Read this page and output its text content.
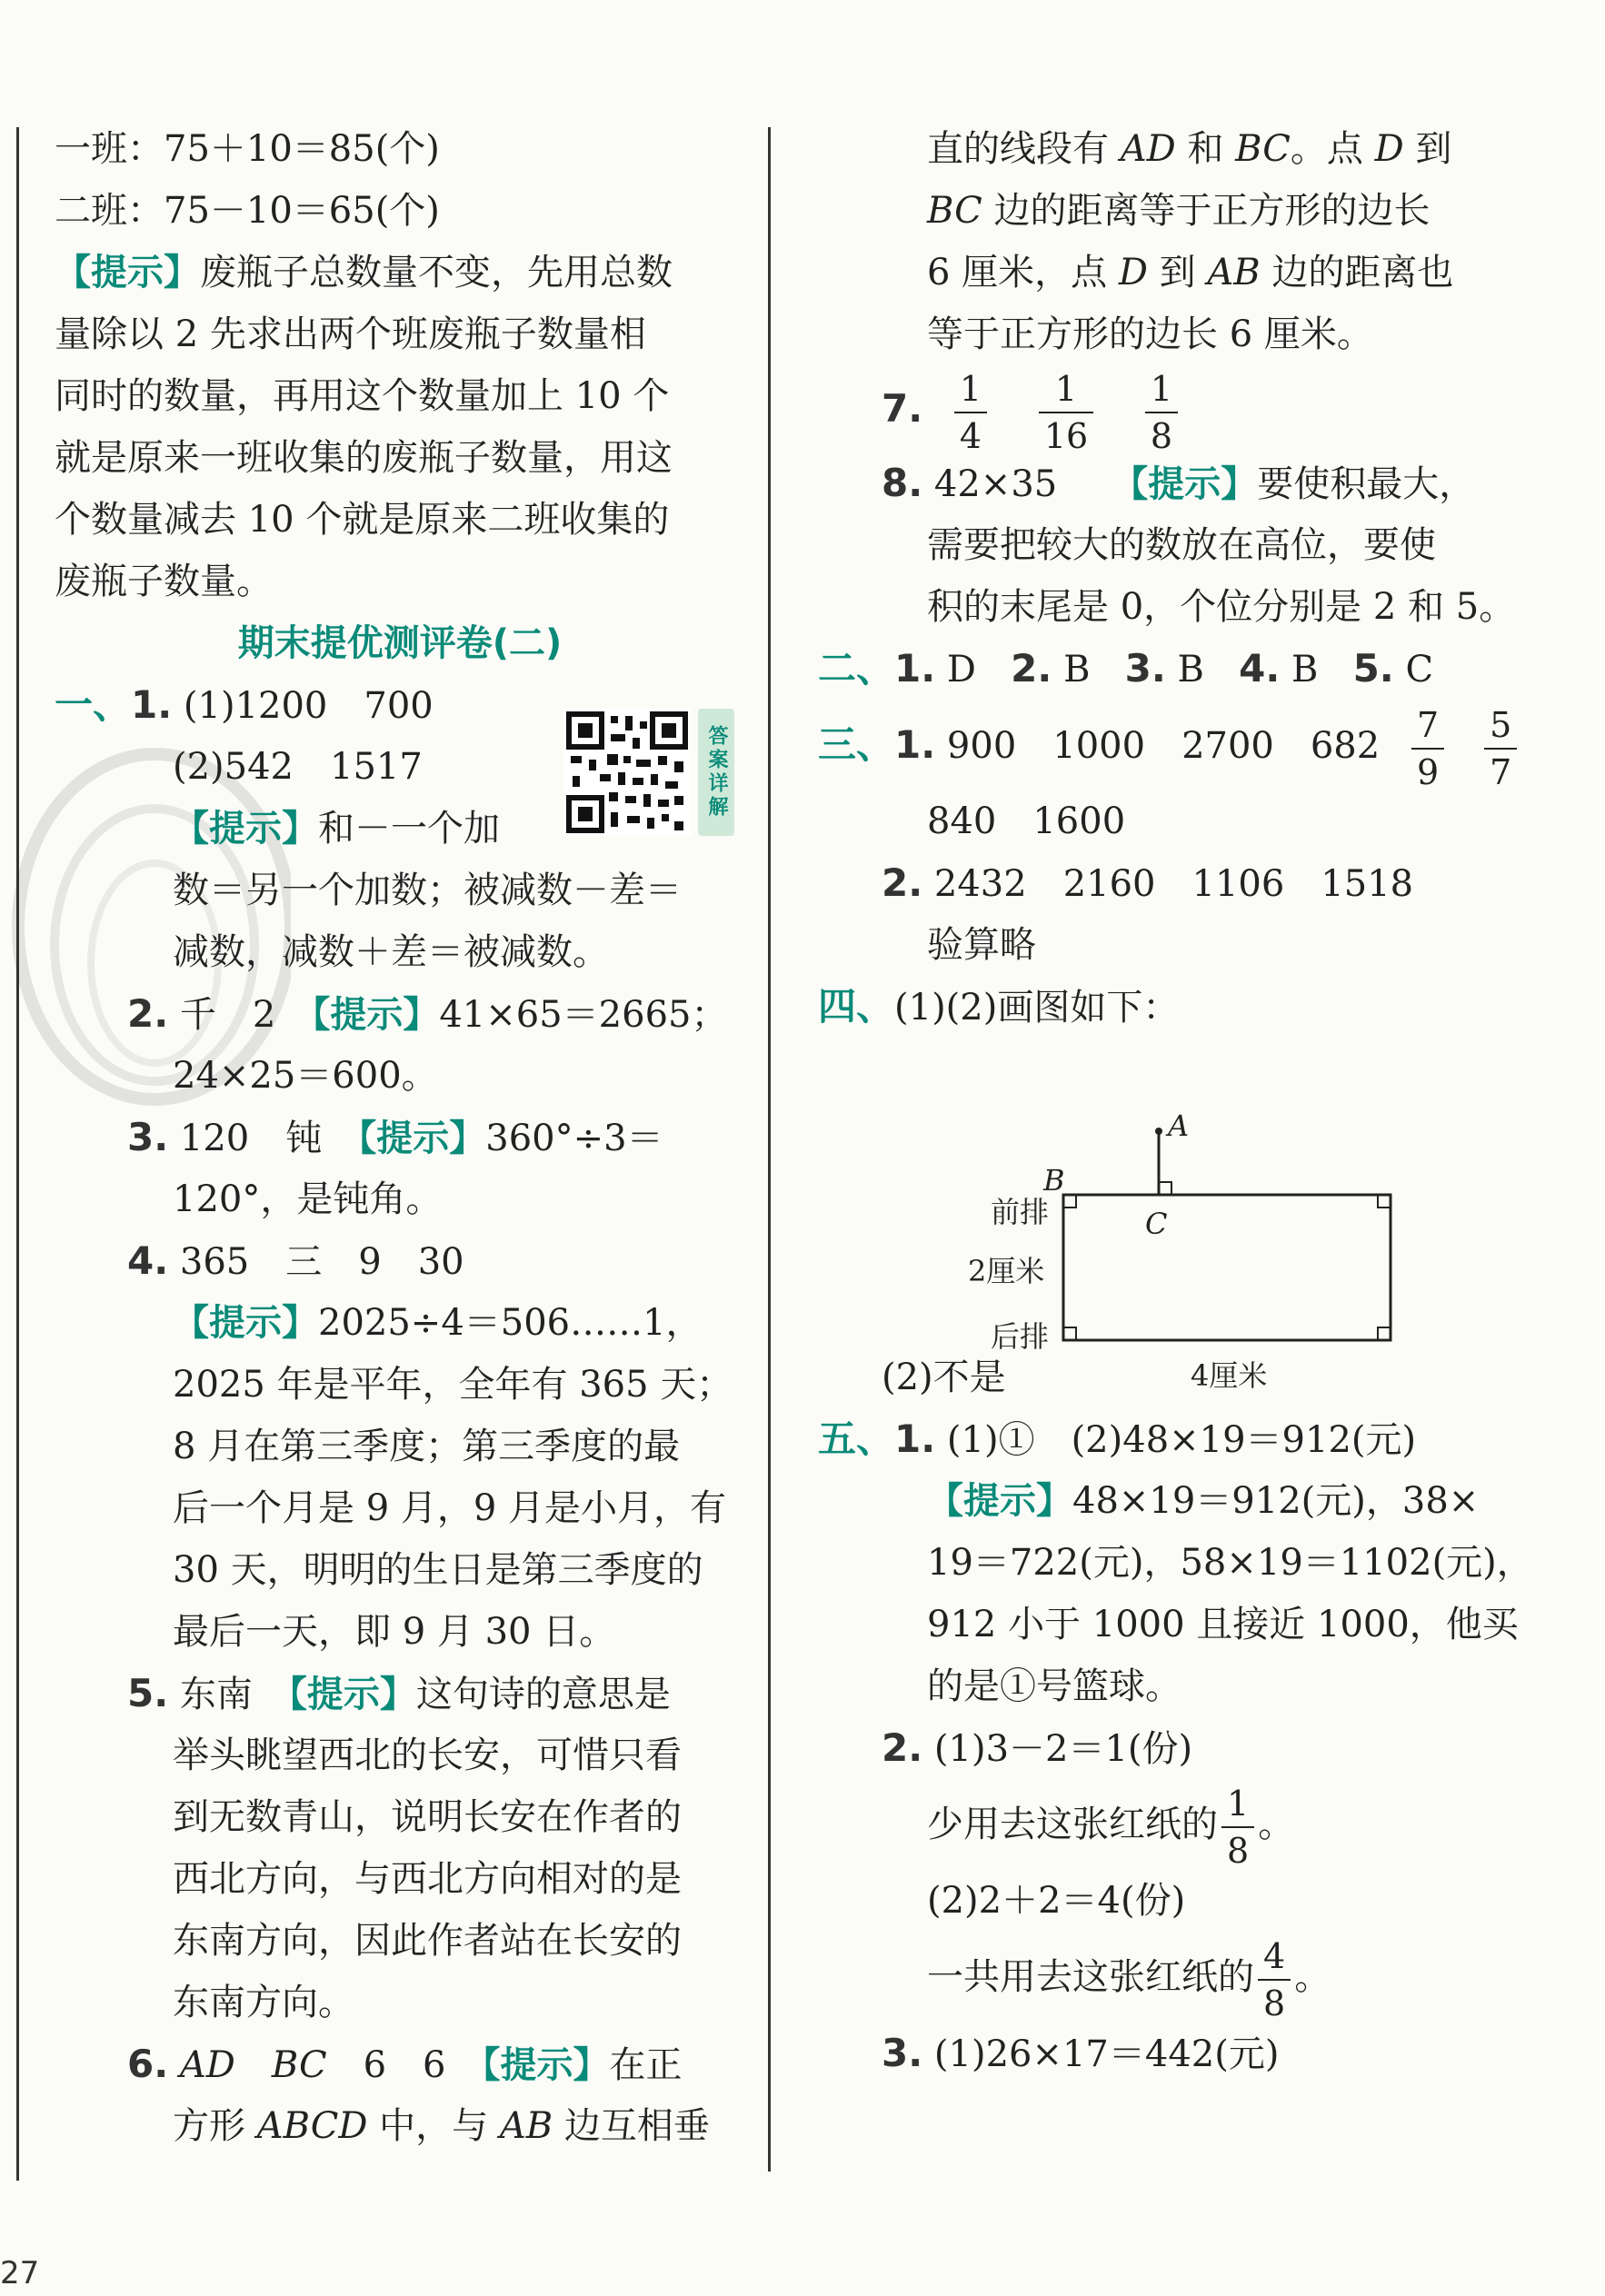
一班：75＋10＝85(个)
二班：75－10＝65(个)
【提示】废瓶子总数量不变，先用总数
量除以 2 先求出两个班废瓶子数量相
同时的数量，再用这个数量加上 10 个
就是原来一班收集的废瓶子数量，用这
个数量减去 10 个就是原来二班收集的
废瓶子数量。
期末提优测评卷(二)
一、1. (1)1200　700
(2)542　1517
【提示】和－一个加
数＝另一个加数；被减数－差＝
减数，减数＋差＝被减数。
2. 千　2　【提示】41×65＝2665；
24×25＝600。
3. 120　钝　【提示】360°÷3＝
120°，是钝角。
4. 365　三　9　30
【提示】2025÷4＝506……1，
2025 年是平年，全年有 365 天；
8 月在第三季度；第三季度的最
后一个月是 9 月，9 月是小月，有
30 天，明明的生日是第三季度的
最后一天，即 9 月 30 日。
5. 东南　【提示】这句诗的意思是
举头眺望西北的长安，可惜只看
到无数青山，说明长安在作者的
西北方向，与西北方向相对的是
东南方向，因此作者站在长安的
东南方向。
6. AD　BC　6　6　【提示】在正
方形 ABCD 中，与 AB 边互相垂
答案详解
直的线段有 AD 和 BC。点 D 到
BC 边的距离等于正方形的边长
6 厘米，点 D 到 AB 边的距离也
等于正方形的边长 6 厘米。
7. $\frac{1}{4}$
$\frac{1}{16}$
$\frac{1}{8}$
8. 42×35　　【提示】要使积最大，
需要把较大的数放在高位，要使
积的末尾是 0，个位分别是 2 和 5。
二、1. D 2. B 3. B 4. B 5. C
三、1. 900　1000　2700　$682 \frac{7}{9} \frac{5}{7}$
840　1600
2. 2432　2160　1106　1518
验算略
四、(1)(2)画图如下：
(2)不是
五、1. (1)①　(2)48×19＝912(元)
【提示】48×19＝912(元)，38×
19＝722(元)，58×19＝1102(元)，
912 小于 1000 且接近 1000，他买
的是①号篮球。
2. (1)3－2＝1(份)
少用去这张红纸的 $\frac{1}{8}$ 。
(2)2＋2＝4(份)
一共用去这张红纸的 $\frac{4}{8}$ 。
3. (1)26×17＝442(元)
A
B
C
前排
2厘米
后排
4厘米
27
